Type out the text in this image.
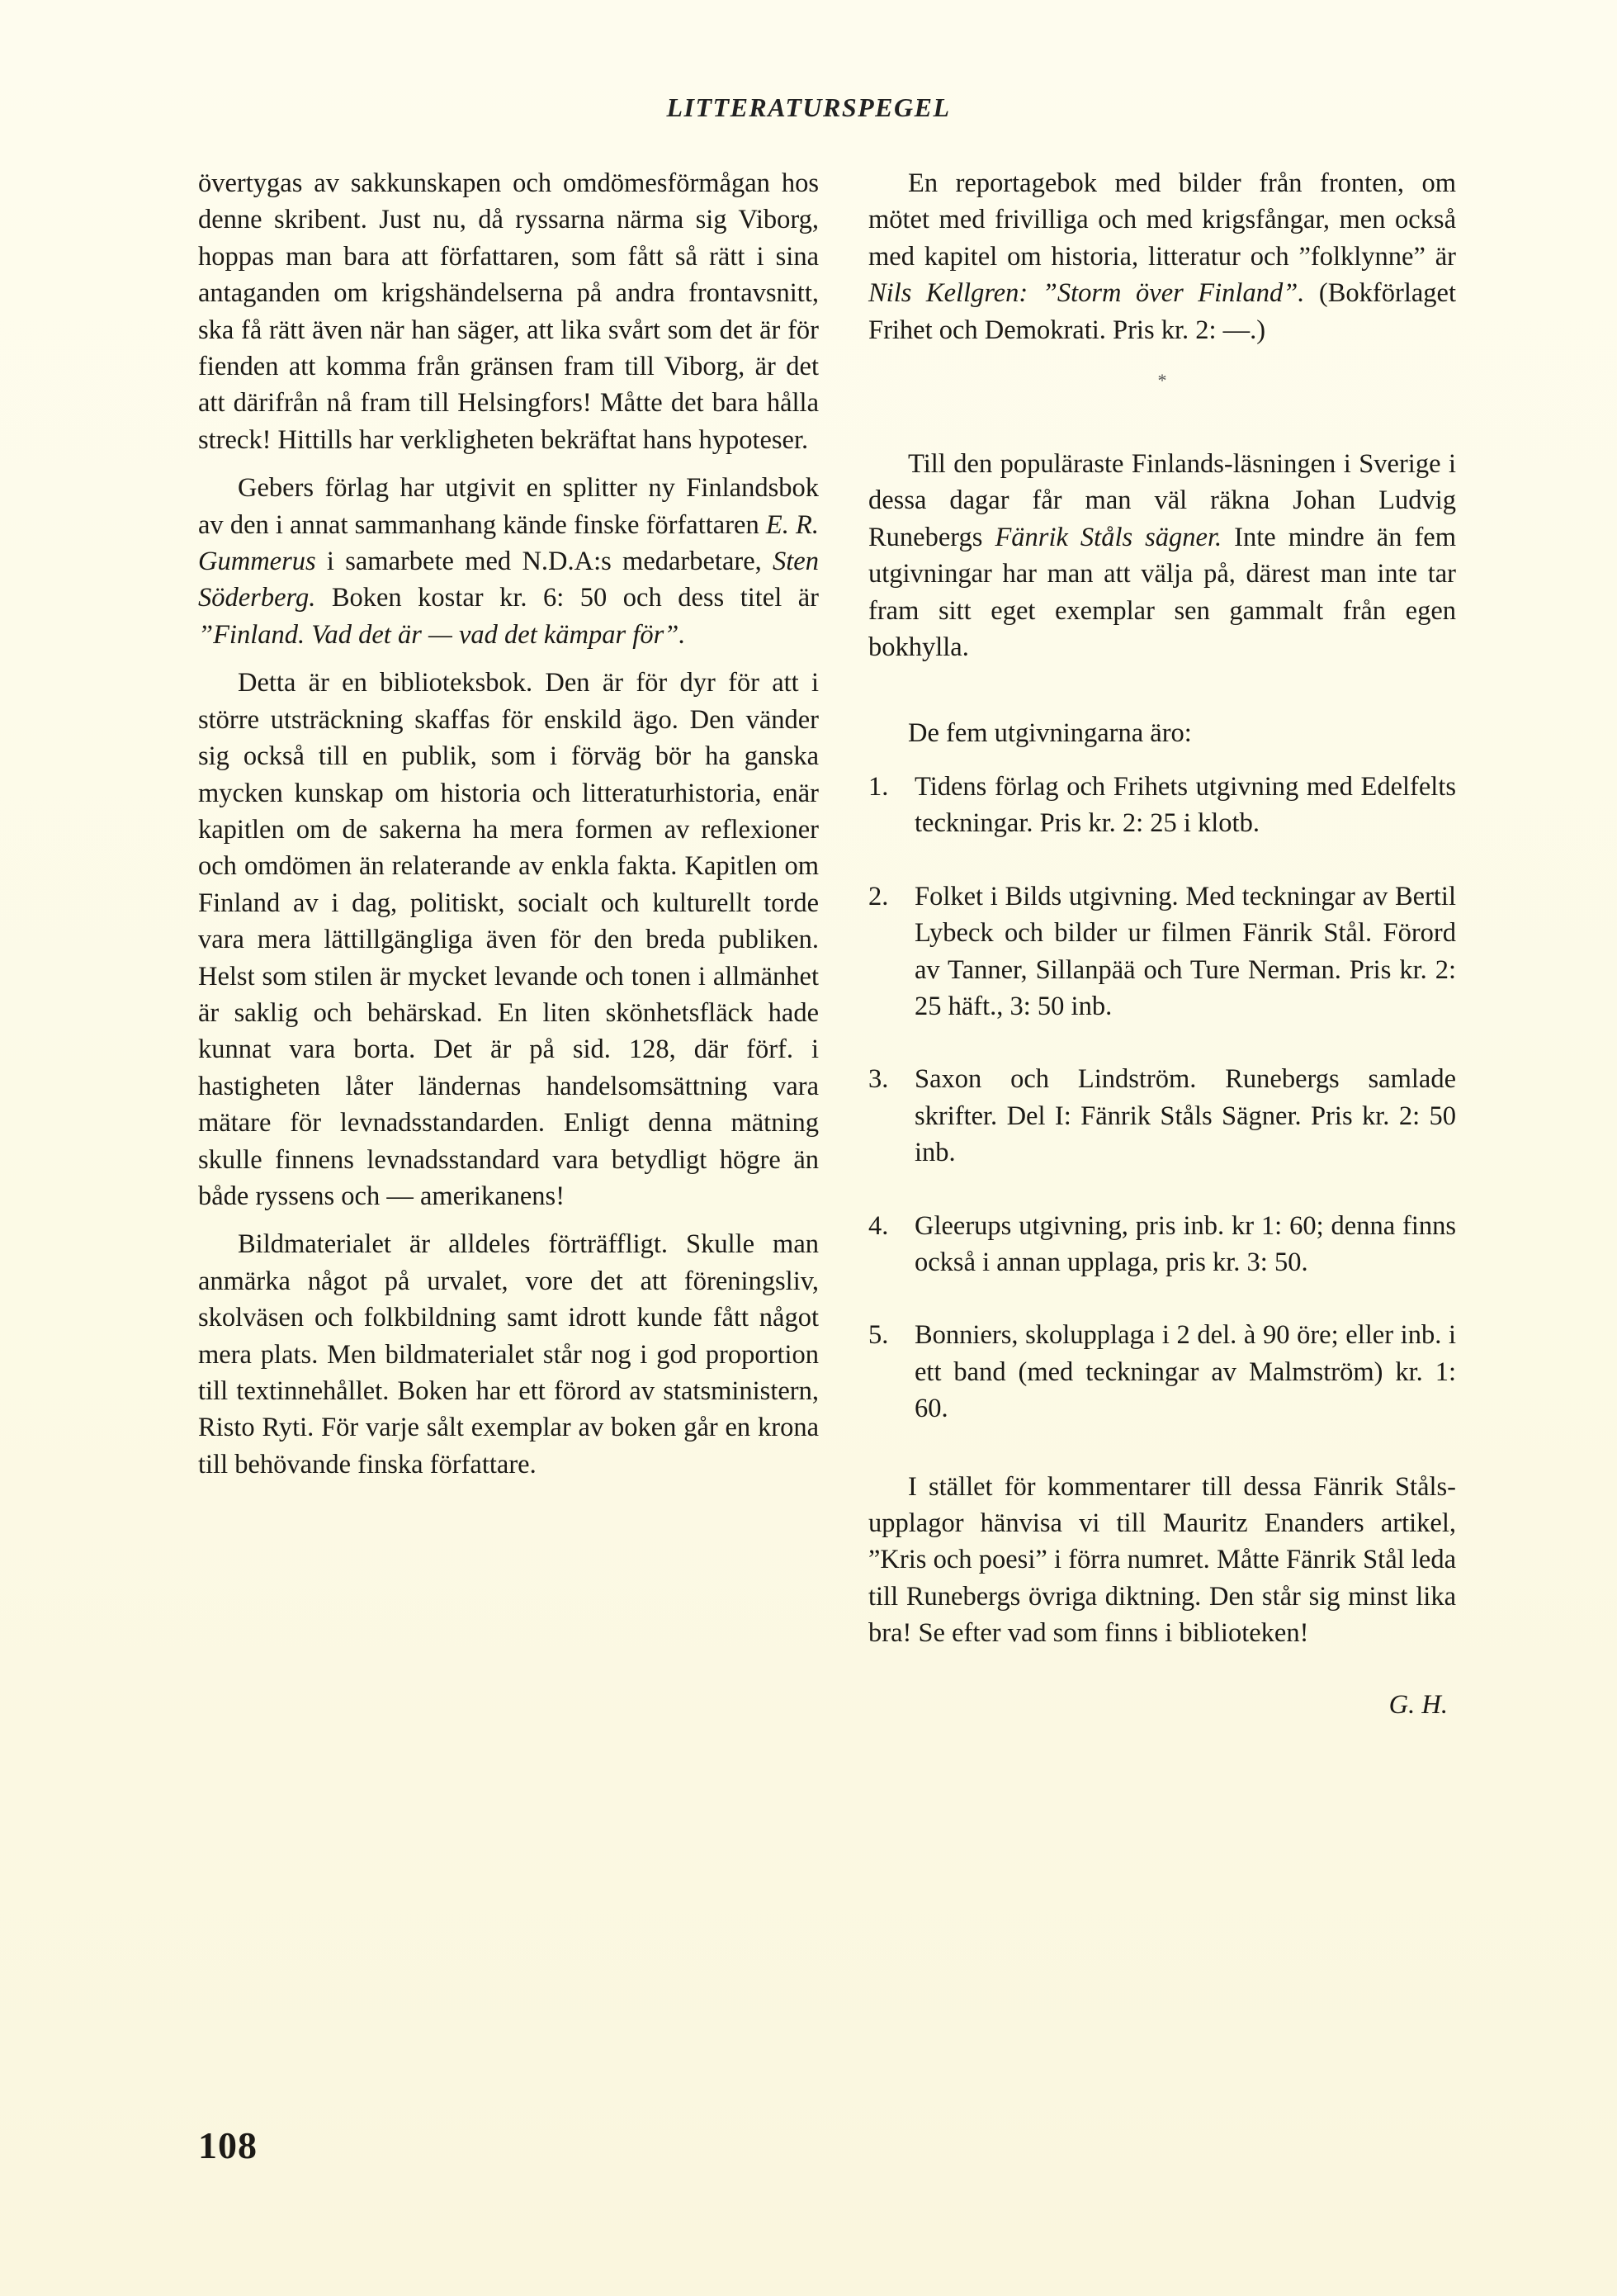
LITTERATURSPEGEL

övertygas av sakkunskapen och omdömesförmågan hos denne skribent. Just nu, då ryssarna närma sig Viborg, hoppas man bara att författaren, som fått så rätt i sina antaganden om krigshändelserna på andra frontavsnitt, ska få rätt även när han säger, att lika svårt som det är för fienden att komma från gränsen fram till Viborg, är det att därifrån nå fram till Helsingfors! Måtte det bara hålla streck! Hittills har verkligheten bekräftat hans hypoteser.

Gebers förlag har utgivit en splitter ny Finlandsbok av den i annat sammanhang kände finske författaren E. R. Gummerus i samarbete med N.D.A:s medarbetare, Sten Söderberg. Boken kostar kr. 6: 50 och dess titel är ”Finland. Vad det är — vad det kämpar för”.

Detta är en biblioteksbok. Den är för dyr för att i större utsträckning skaffas för enskild ägo. Den vänder sig också till en publik, som i förväg bör ha ganska mycken kunskap om historia och litteraturhistoria, enär kapitlen om de sakerna ha mera formen av reflexioner och omdömen än relaterande av enkla fakta. Kapitlen om Finland av i dag, politiskt, socialt och kulturellt torde vara mera lättillgängliga även för den breda publiken. Helst som stilen är mycket levande och tonen i allmänhet är saklig och behärskad. En liten skönhetsfläck hade kunnat vara borta. Det är på sid. 128, där förf. i hastigheten låter ländernas handelsomsättning vara mätare för levnadsstandarden. Enligt denna mätning skulle finnens levnadsstandard vara betydligt högre än både ryssens och — amerikanens!

Bildmaterialet är alldeles förträffligt. Skulle man anmärka något på urvalet, vore det att föreningsliv, skolväsen och folkbildning samt idrott kunde fått något mera plats. Men bildmaterialet står nog i god proportion till textinnehållet. Boken har ett förord av statsministern, Risto Ryti. För varje sålt exemplar av boken går en krona till behövande finska författare.

En reportagebok med bilder från fronten, om mötet med frivilliga och med krigsfångar, men också med kapitel om historia, litteratur och ”folklynne” är Nils Kellgren: ”Storm över Finland”. (Bokförlaget Frihet och Demokrati. Pris kr. 2: —.)

*

Till den populäraste Finlands-läsningen i Sverige i dessa dagar får man väl räkna Johan Ludvig Runebergs Fänrik Ståls sägner. Inte mindre än fem utgivningar har man att välja på, därest man inte tar fram sitt eget exemplar sen gammalt från egen bokhylla.

De fem utgivningarna äro:

1. Tidens förlag och Frihets utgivning med Edelfelts teckningar. Pris kr. 2: 25 i klotb.
2. Folket i Bilds utgivning. Med teckningar av Bertil Lybeck och bilder ur filmen Fänrik Stål. Förord av Tanner, Sillanpää och Ture Nerman. Pris kr. 2: 25 häft., 3: 50 inb.
3. Saxon och Lindström. Runebergs samlade skrifter. Del I: Fänrik Ståls Sägner. Pris kr. 2: 50 inb.
4. Gleerups utgivning, pris inb. kr 1: 60; denna finns också i annan upplaga, pris kr. 3: 50.
5. Bonniers, skolupplaga i 2 del. à 90 öre; eller inb. i ett band (med teckningar av Malmström) kr. 1: 60.

I stället för kommentarer till dessa Fänrik Ståls-upplagor hänvisa vi till Mauritz Enanders artikel, ”Kris och poesi” i förra numret. Måtte Fänrik Stål leda till Runebergs övriga diktning. Den står sig minst lika bra! Se efter vad som finns i biblioteken!

G. H.
108
